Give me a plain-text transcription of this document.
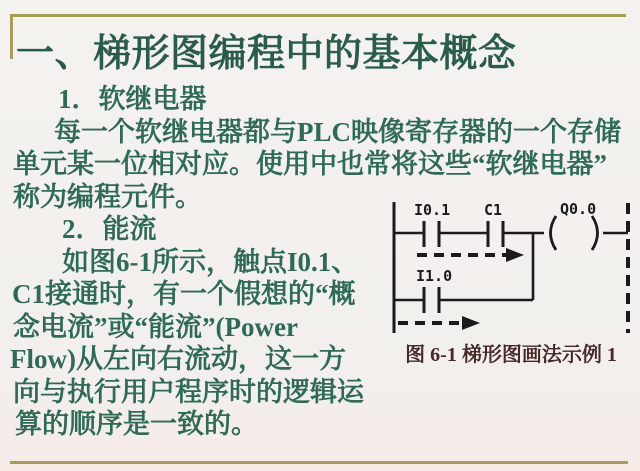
一、梯形图编程中的基本概念
1．软继电器
每一个软继电器都与PLC映像寄存器的一个存储
单元某一位相对应。使用中也常将这些“软继电器”
称为编程元件。
2．能流
如图6-1所示，触点I0.1、
C1接通时，有一个假想的“概
念电流”或“能流”(Power
Flow)从左向右流动，这一方
向与执行用户程序时的逻辑运
算的顺序是一致的。
I0.1 C1	Q0.0
I1.0
图 6-1 梯形图画法示例 1
